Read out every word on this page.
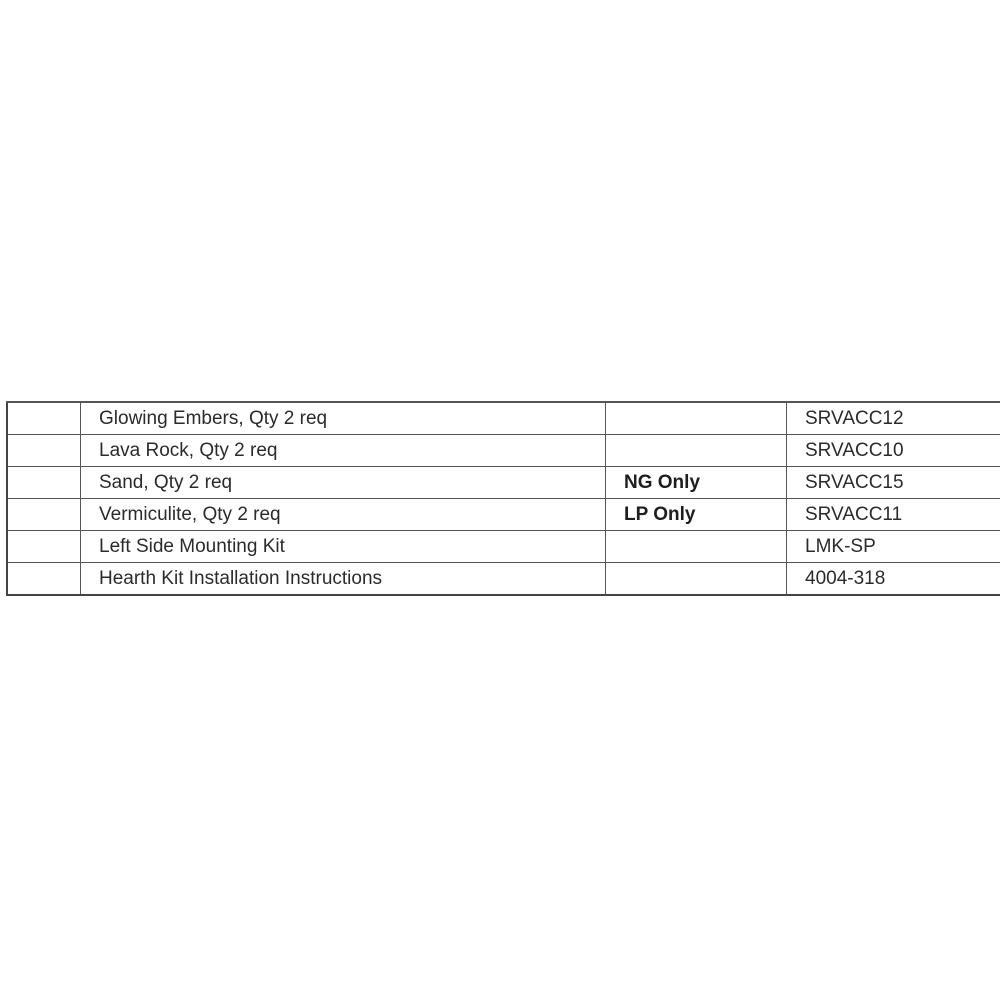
	Glowing Embers, Qty 2 req		SRVACC12
	Lava Rock, Qty 2 req		SRVACC10
	Sand, Qty 2 req	NG Only	SRVACC15
	Vermiculite, Qty 2 req	LP Only	SRVACC11
	Left Side Mounting Kit		LMK-SP
	Hearth Kit Installation Instructions		4004-318
